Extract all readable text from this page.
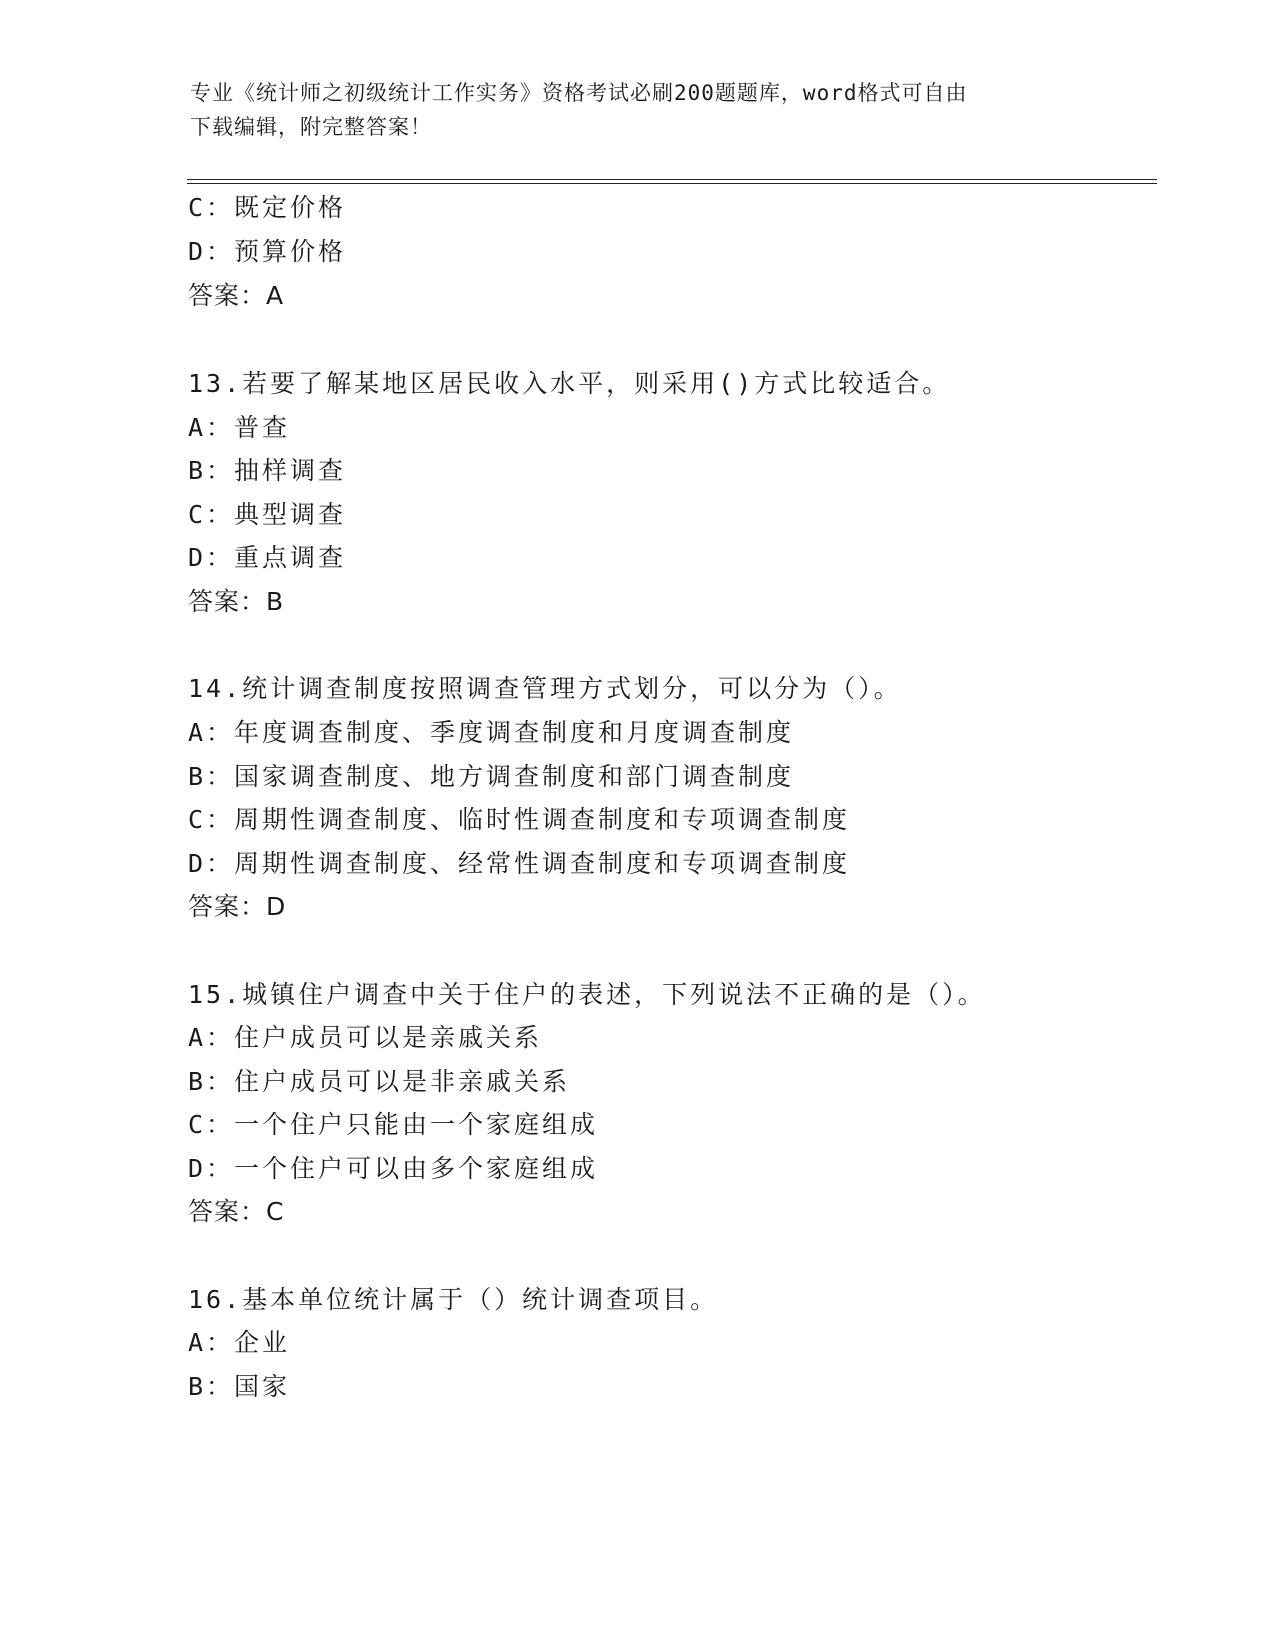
专业《统计师之初级统计工作实务》资格考试必刷200题题库，word格式可自由
下载编辑，附完整答案！
C：既定价格
D：预算价格
答案：A
13.若要了解某地区居民收入水平，则采用()方式比较适合。
A：普查
B：抽样调查
C：典型调查
D：重点调查
答案：B
14.统计调查制度按照调查管理方式划分，可以分为（）。
A：年度调查制度、季度调查制度和月度调查制度
B：国家调查制度、地方调查制度和部门调查制度
C：周期性调查制度、临时性调查制度和专项调查制度
D：周期性调查制度、经常性调查制度和专项调查制度
答案：D
15.城镇住户调查中关于住户的表述，下列说法不正确的是（）。
A：住户成员可以是亲戚关系
B：住户成员可以是非亲戚关系
C：一个住户只能由一个家庭组成
D：一个住户可以由多个家庭组成
答案：C
16.基本单位统计属于（）统计调查项目。
A：企业
B：国家
